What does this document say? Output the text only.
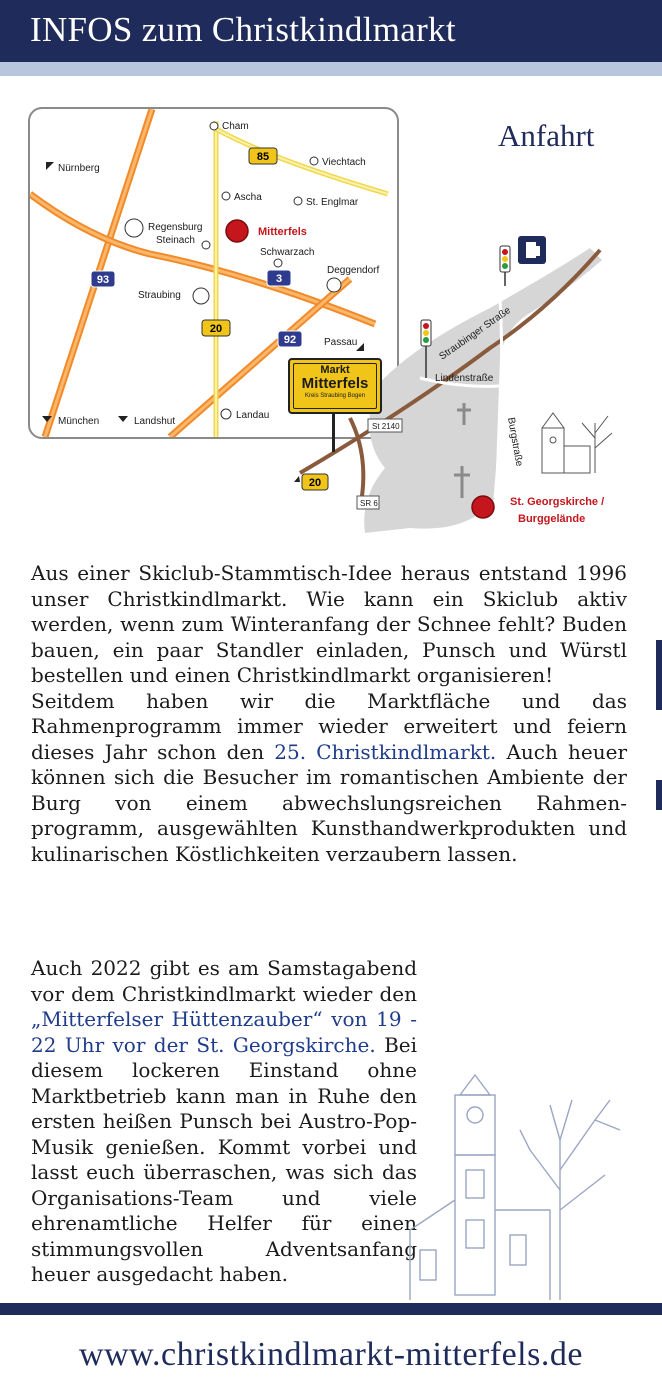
INFOS zum Christkindlmarkt
85
93	3
20
92
Cham
Viechtach
Nürnberg
Ascha	St. Englmar
Regensburg
Steinach
Mitterfels
Schwarzach
Deggendorf
Straubing
Passau
Landau
München	Landshut
Anfahrt
Straubinger Straße
Lindenstraße
Burgstraße
St 2140
SR 6
20
St. Georgskirche /
Burggelände
Markt
Mitterfels
Kreis Straubing Bogen
Aus einer Skiclub-Stammtisch-Idee heraus entstand 1996 unser Christkindlmarkt. Wie kann ein Skiclub aktiv werden, wenn zum Winteranfang der Schnee fehlt? Buden bauen, ein paar Standler einladen, Punsch und Würstl bestellen und einen Christkindlmarkt organisieren!
Seitdem haben wir die Marktfläche und das Rahmenprogramm immer wieder erweitert und feiern dieses Jahr schon den 25. Christkindlmarkt. Auch heuer können sich die Besucher im romantischen Ambiente der Burg von einem abwechslungsreichen Rahmen-programm, ausgewählten Kunsthandwerkprodukten und kulinarischen Köstlichkeiten verzaubern lassen.
Auch 2022 gibt es am Samstagabend vor dem Christkindlmarkt wieder den „Mitterfelser Hüttenzauber“ von 19 - 22 Uhr vor der St. Georgskirche. Bei diesem lockeren Einstand ohne Marktbetrieb kann man in Ruhe den ersten heißen Punsch bei Austro-Pop-Musik genießen. Kommt vorbei und lasst euch überraschen, was sich das Organisations-Team und viele ehrenamtliche Helfer für einen stimmungsvollen Adventsanfang heuer ausgedacht haben.
www.christkindlmarkt-mitterfels.de
